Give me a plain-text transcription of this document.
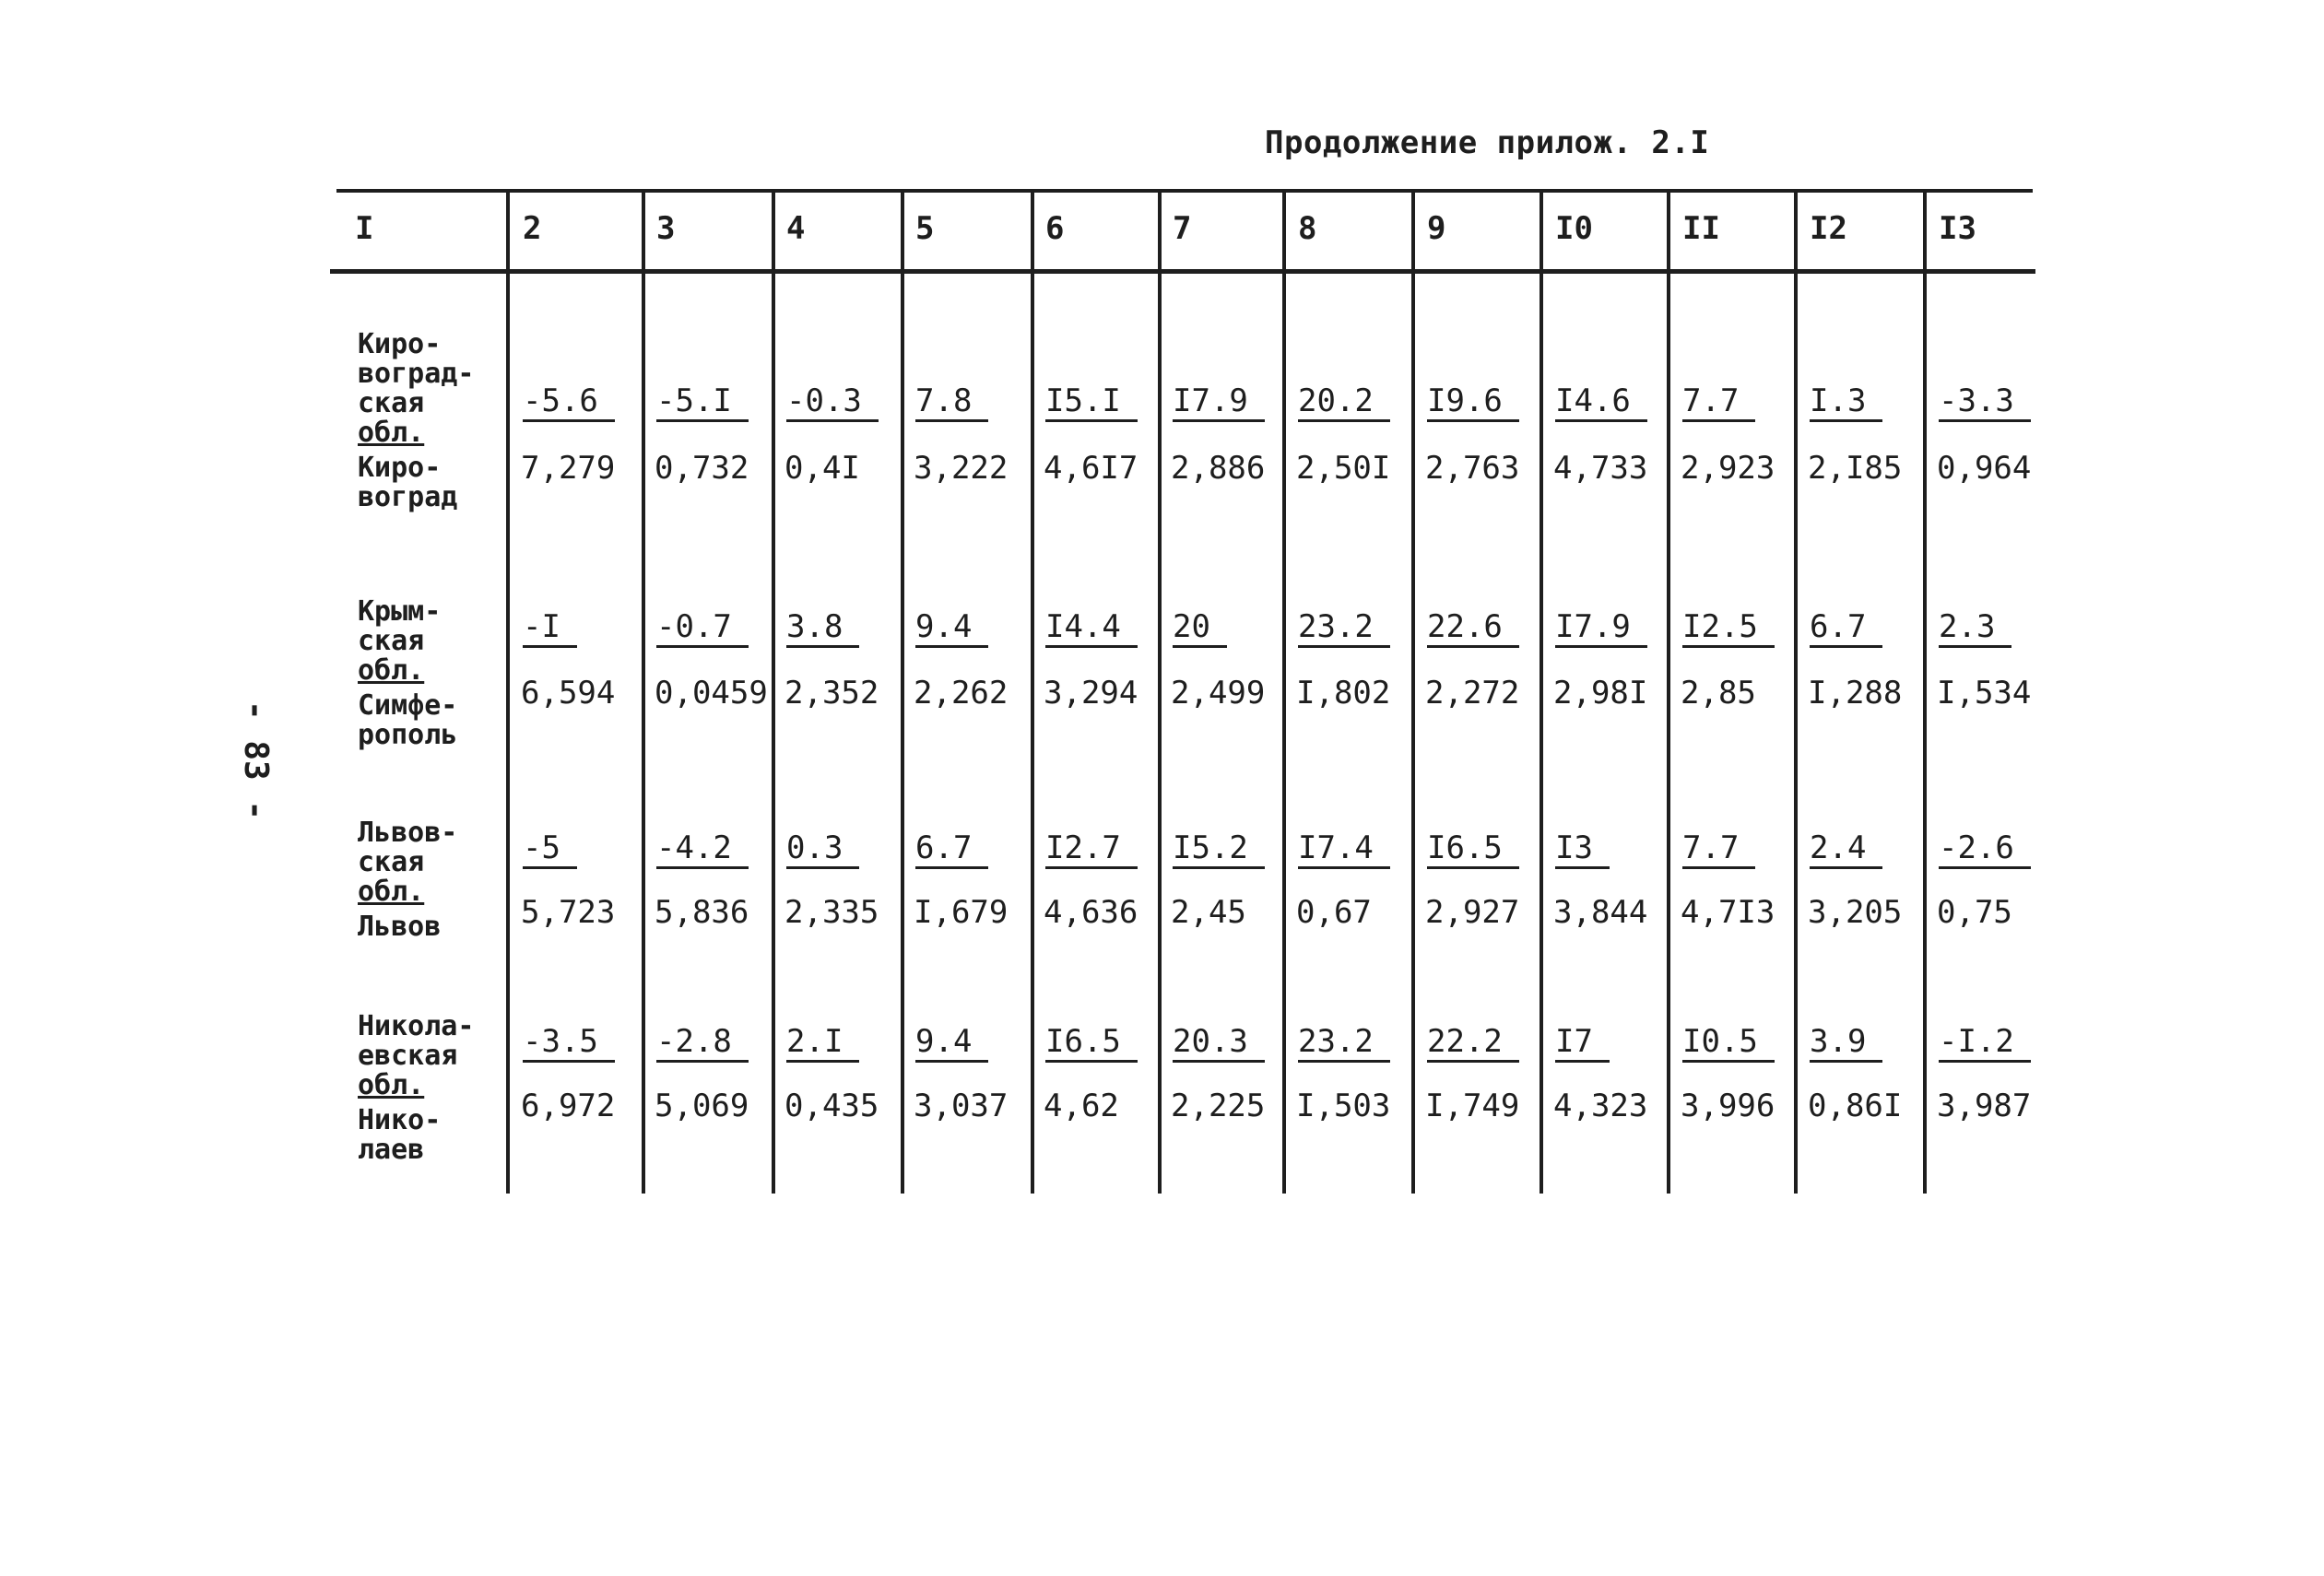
Продолжение прилож. 2.I
- 83 -
I	2	3	4	5	6	7	8	9	I0	II	I2	I3
Киро-
воград-
ская
обл.
Киро-
воград
-5.6	-5.I	-0.3	7.8	I5.I	I7.9	20.2	I9.6	I4.6	7.7	I.3	-3.3
7,279 0,732 0,4I 3,222 4,6I7 2,886 2,50I 2,763 4,733 2,923 2,I85 0,964
Крым-
ская
обл.
Симфе-
рополь
-I	-0.7	3.8	9.4	I4.4	20	23.2	22.6	I7.9	I2.5	6.7	2.3
6,594 0,0459 2,352 2,262 3,294 2,499 I,802 2,272 2,98I 2,85 I,288 I,534
Львов-
ская
обл.
Львов
-5	-4.2	0.3	6.7	I2.7	I5.2	I7.4	I6.5	I3	7.7	2.4	-2.6
5,723 5,836 2,335 I,679 4,636 2,45 0,67 2,927 3,844 4,7I3 3,205 0,75
Никола-
евская
обл.
Нико-
лаев
-3.5	-2.8	2.I	9.4	I6.5	20.3	23.2	22.2	I7	I0.5	3.9	-I.2
6,972 5,069 0,435 3,037 4,62 2,225 I,503 I,749 4,323 3,996 0,86I 3,987
